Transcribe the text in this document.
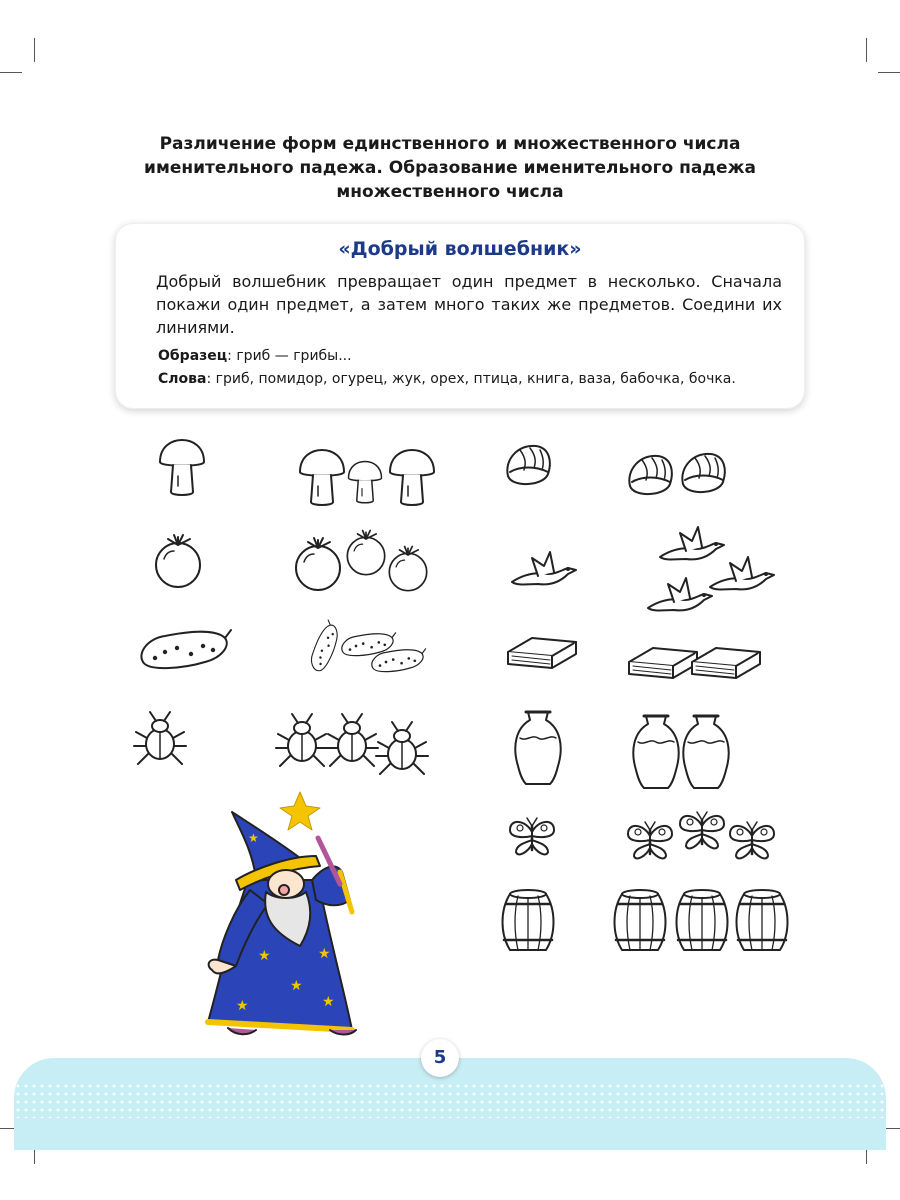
Различение форм единственного и множественного числа
именительного падежа. Образование именительного падежа
множественного числа
«Добрый волшебник»

Добрый волшебник превращает один предмет в несколько. Сначала покажи один предмет, а затем много таких же предметов. Соедини их линиями.

Образец: гриб — грибы...
Слова: гриб, помидор, огурец, жук, орех, птица, книга, ваза, бабочка, бочка.
★
★
★
★
★
★
5
